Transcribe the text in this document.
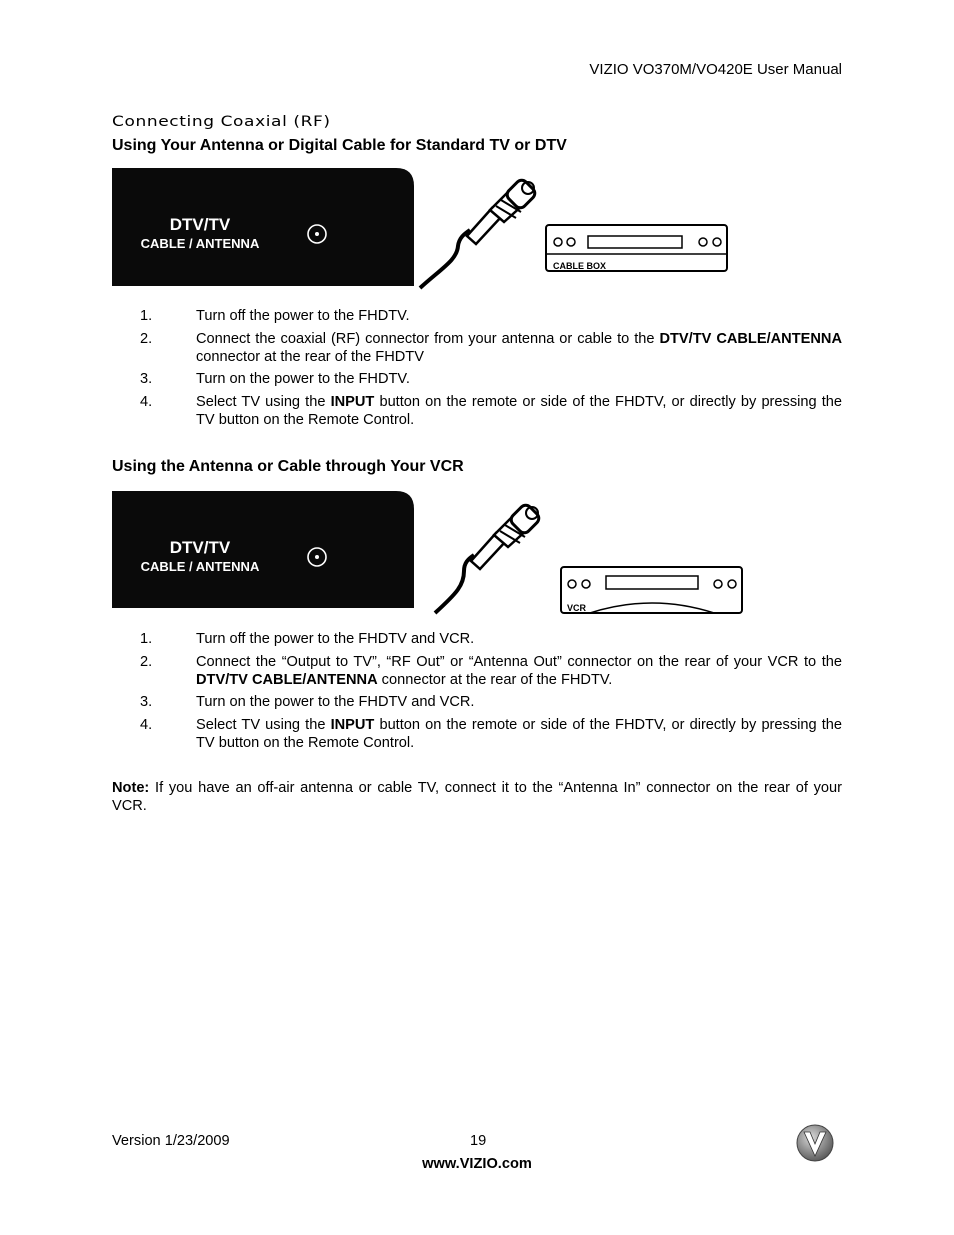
VIZIO VO370M/VO420E User Manual
Connecting Coaxial (RF)
Using Your Antenna or Digital Cable for Standard TV or DTV
DTV/TV
CABLE / ANTENNA
CABLE BOX
1.	Turn off the power to the FHDTV.
2.	Connect the coaxial (RF) connector from your antenna or cable to the DTV/TV CABLE/ANTENNA connector at the rear of the FHDTV
3.	Turn on the power to the FHDTV.
4.	Select TV using the INPUT button on the remote or side of the FHDTV, or directly by pressing the TV button on the Remote Control.
Using the Antenna or Cable through Your VCR
DTV/TV
CABLE / ANTENNA
VCR
1.	Turn off the power to the FHDTV and VCR.
2.	Connect the “Output to TV”, “RF Out” or “Antenna Out” connector on the rear of your VCR to the DTV/TV CABLE/ANTENNA connector at the rear of the FHDTV.
3.	Turn on the power to the FHDTV and VCR.
4.	Select TV using the INPUT button on the remote or side of the FHDTV, or directly by pressing the TV button on the Remote Control.
Note: If you have an off-air antenna or cable TV, connect it to the “Antenna In” connector on the rear of your VCR.
Version 1/23/2009	19
www.VIZIO.com
